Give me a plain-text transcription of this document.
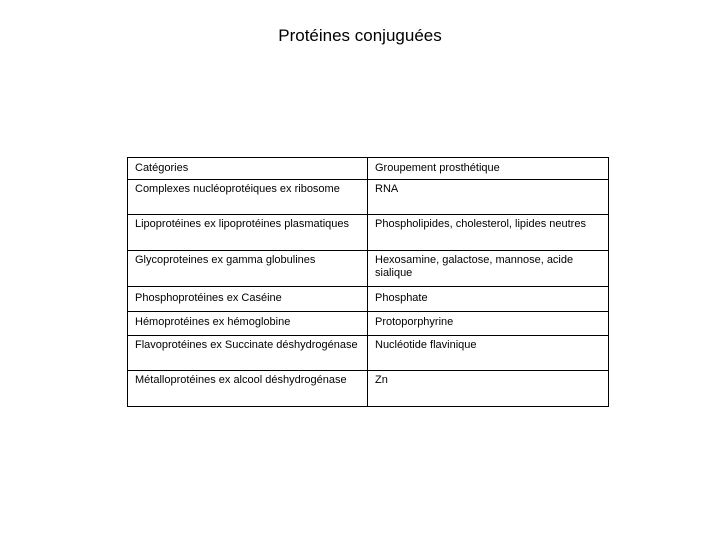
Protéines conjuguées
Catégories	Groupement prosthétique
Complexes nucléoprotéiques ex ribosome	RNA
Lipoprotéines ex lipoprotéines plasmatiques	Phospholipides, cholesterol, lipides neutres
Glycoproteines ex gamma globulines	Hexosamine, galactose, mannose, acide sialique
Phosphoprotéines ex Caséine	Phosphate
Hémoprotéines ex hémoglobine	Protoporphyrine
Flavoprotéines ex Succinate déshydrogénase	Nucléotide flavinique
Métalloprotéines ex alcool déshydrogénase	Zn
